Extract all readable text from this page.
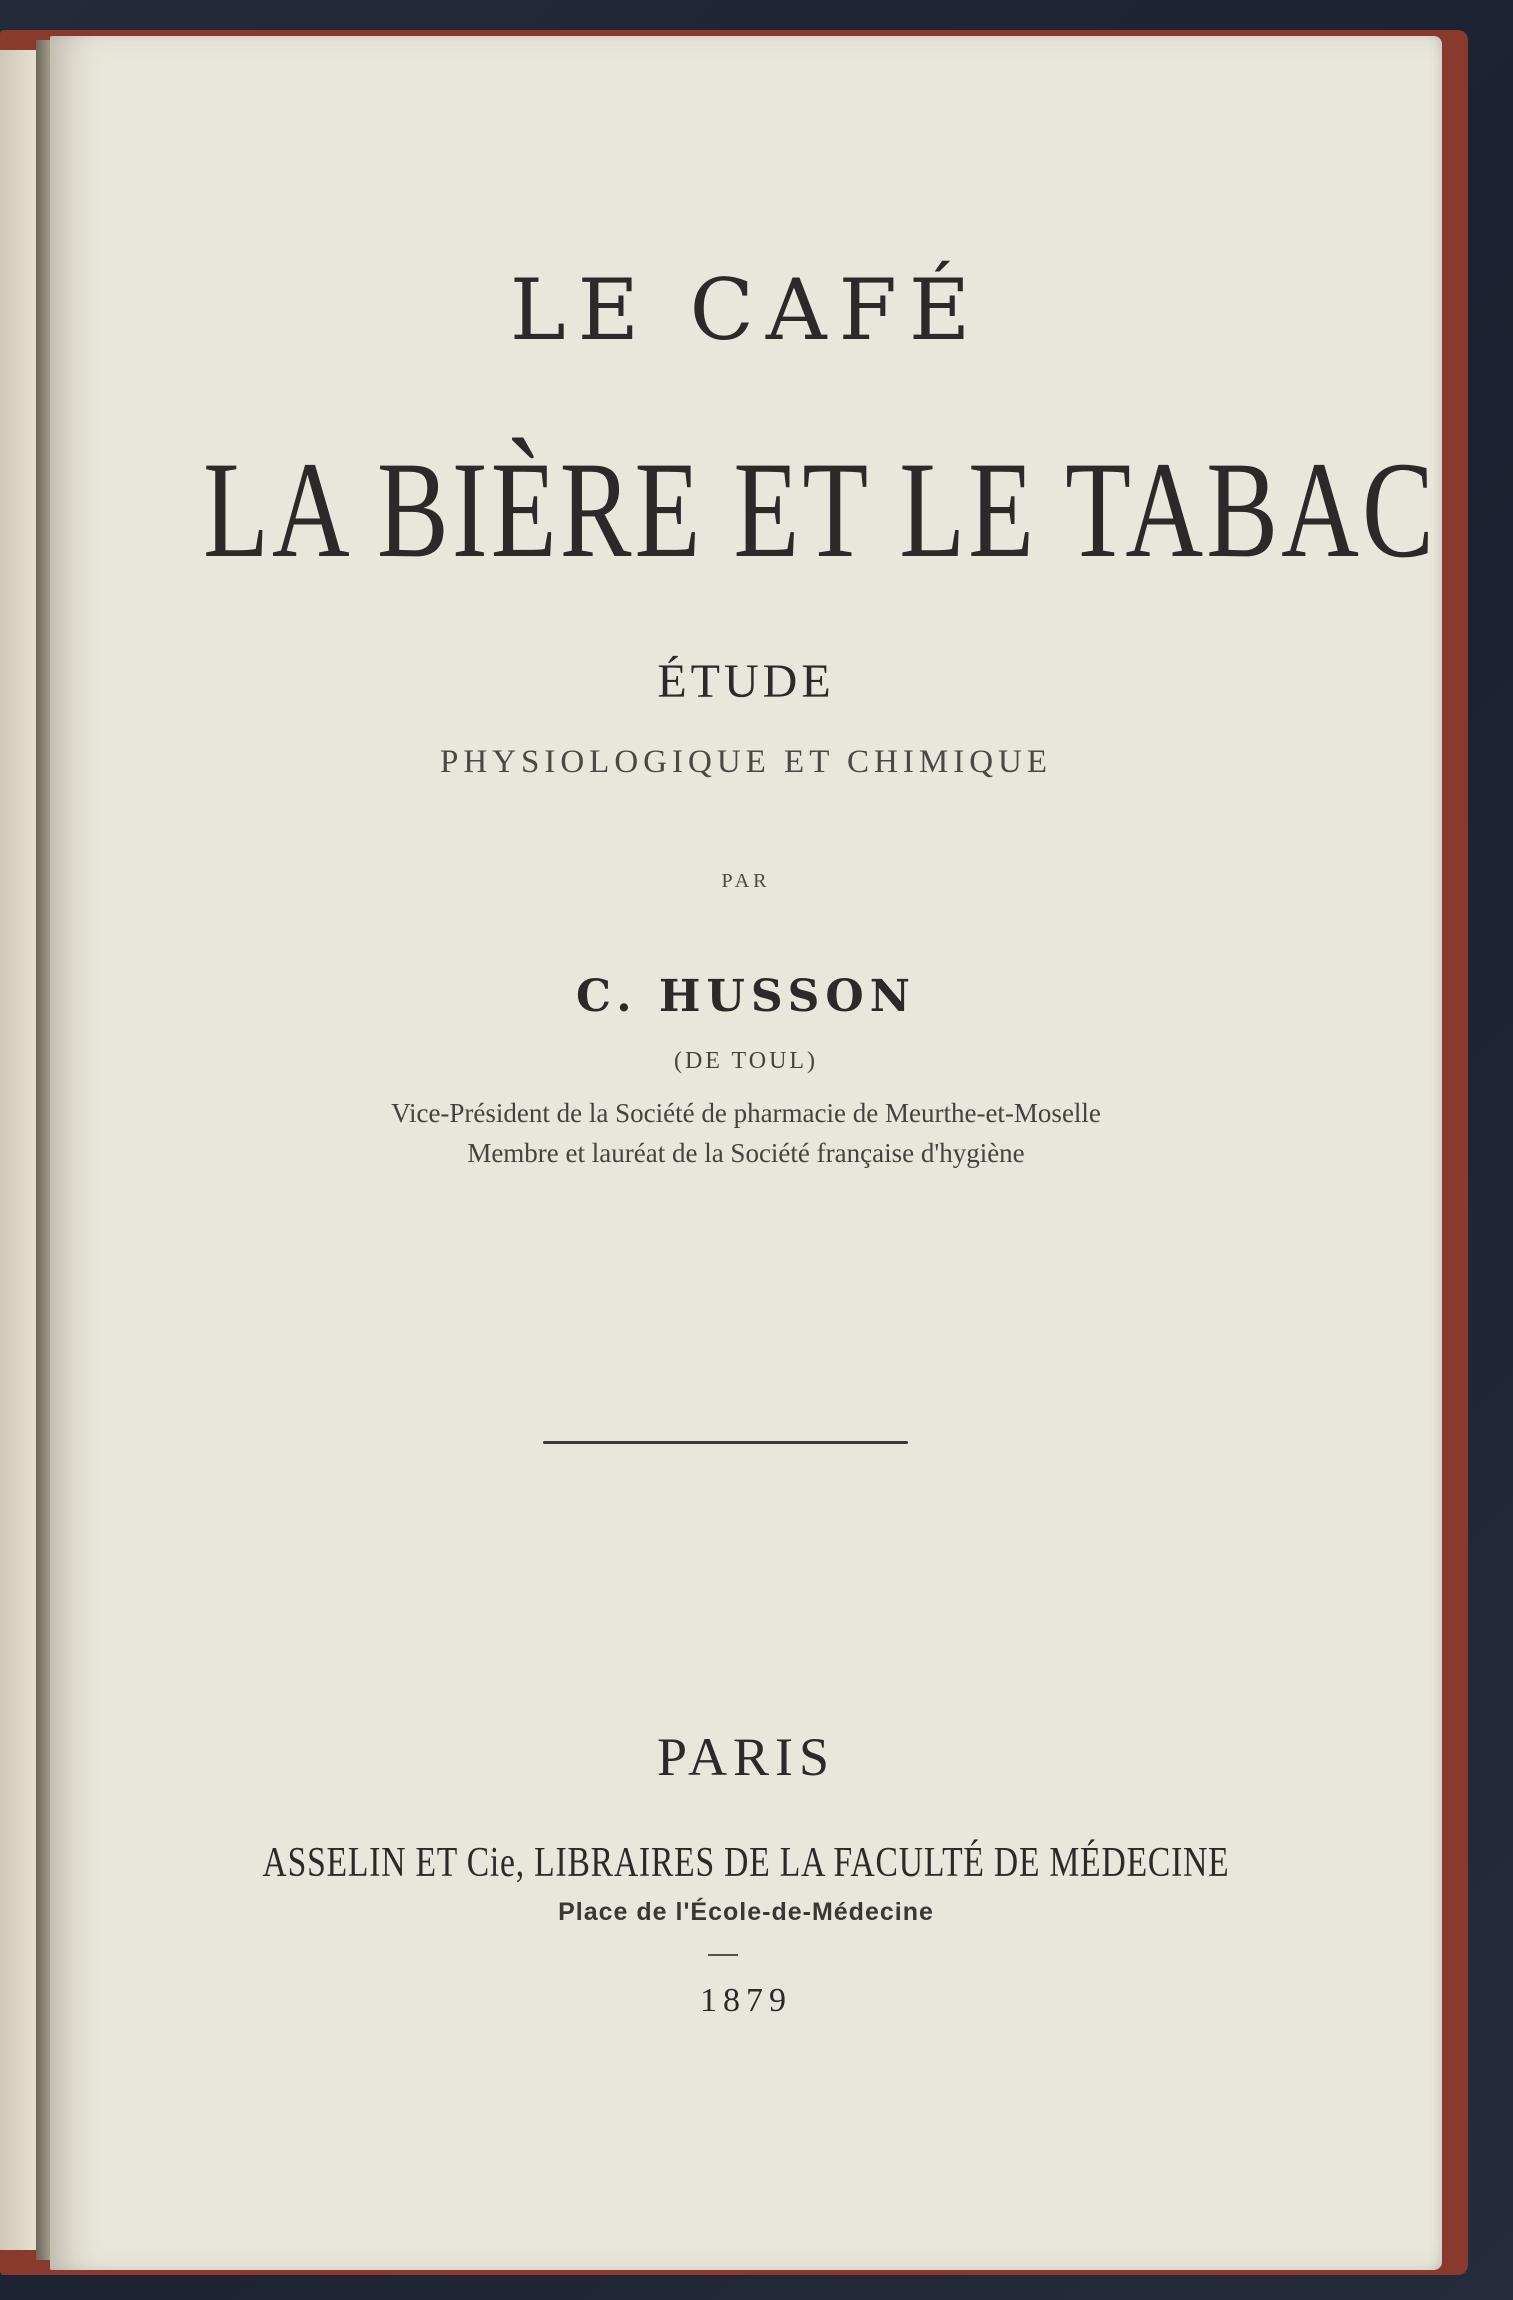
LE CAFÉ

LA BIÈRE ET LE TABAC

ÉTUDE

PHYSIOLOGIQUE ET CHIMIQUE

PAR

C. HUSSON

(DE TOUL)

Vice-Président de la Société de pharmacie de Meurthe-et-Moselle

Membre et lauréat de la Société française d'hygiène

PARIS

ASSELIN ET Cie, LIBRAIRES DE LA FACULTÉ DE MÉDECINE

Place de l'École-de-Médecine

1879
